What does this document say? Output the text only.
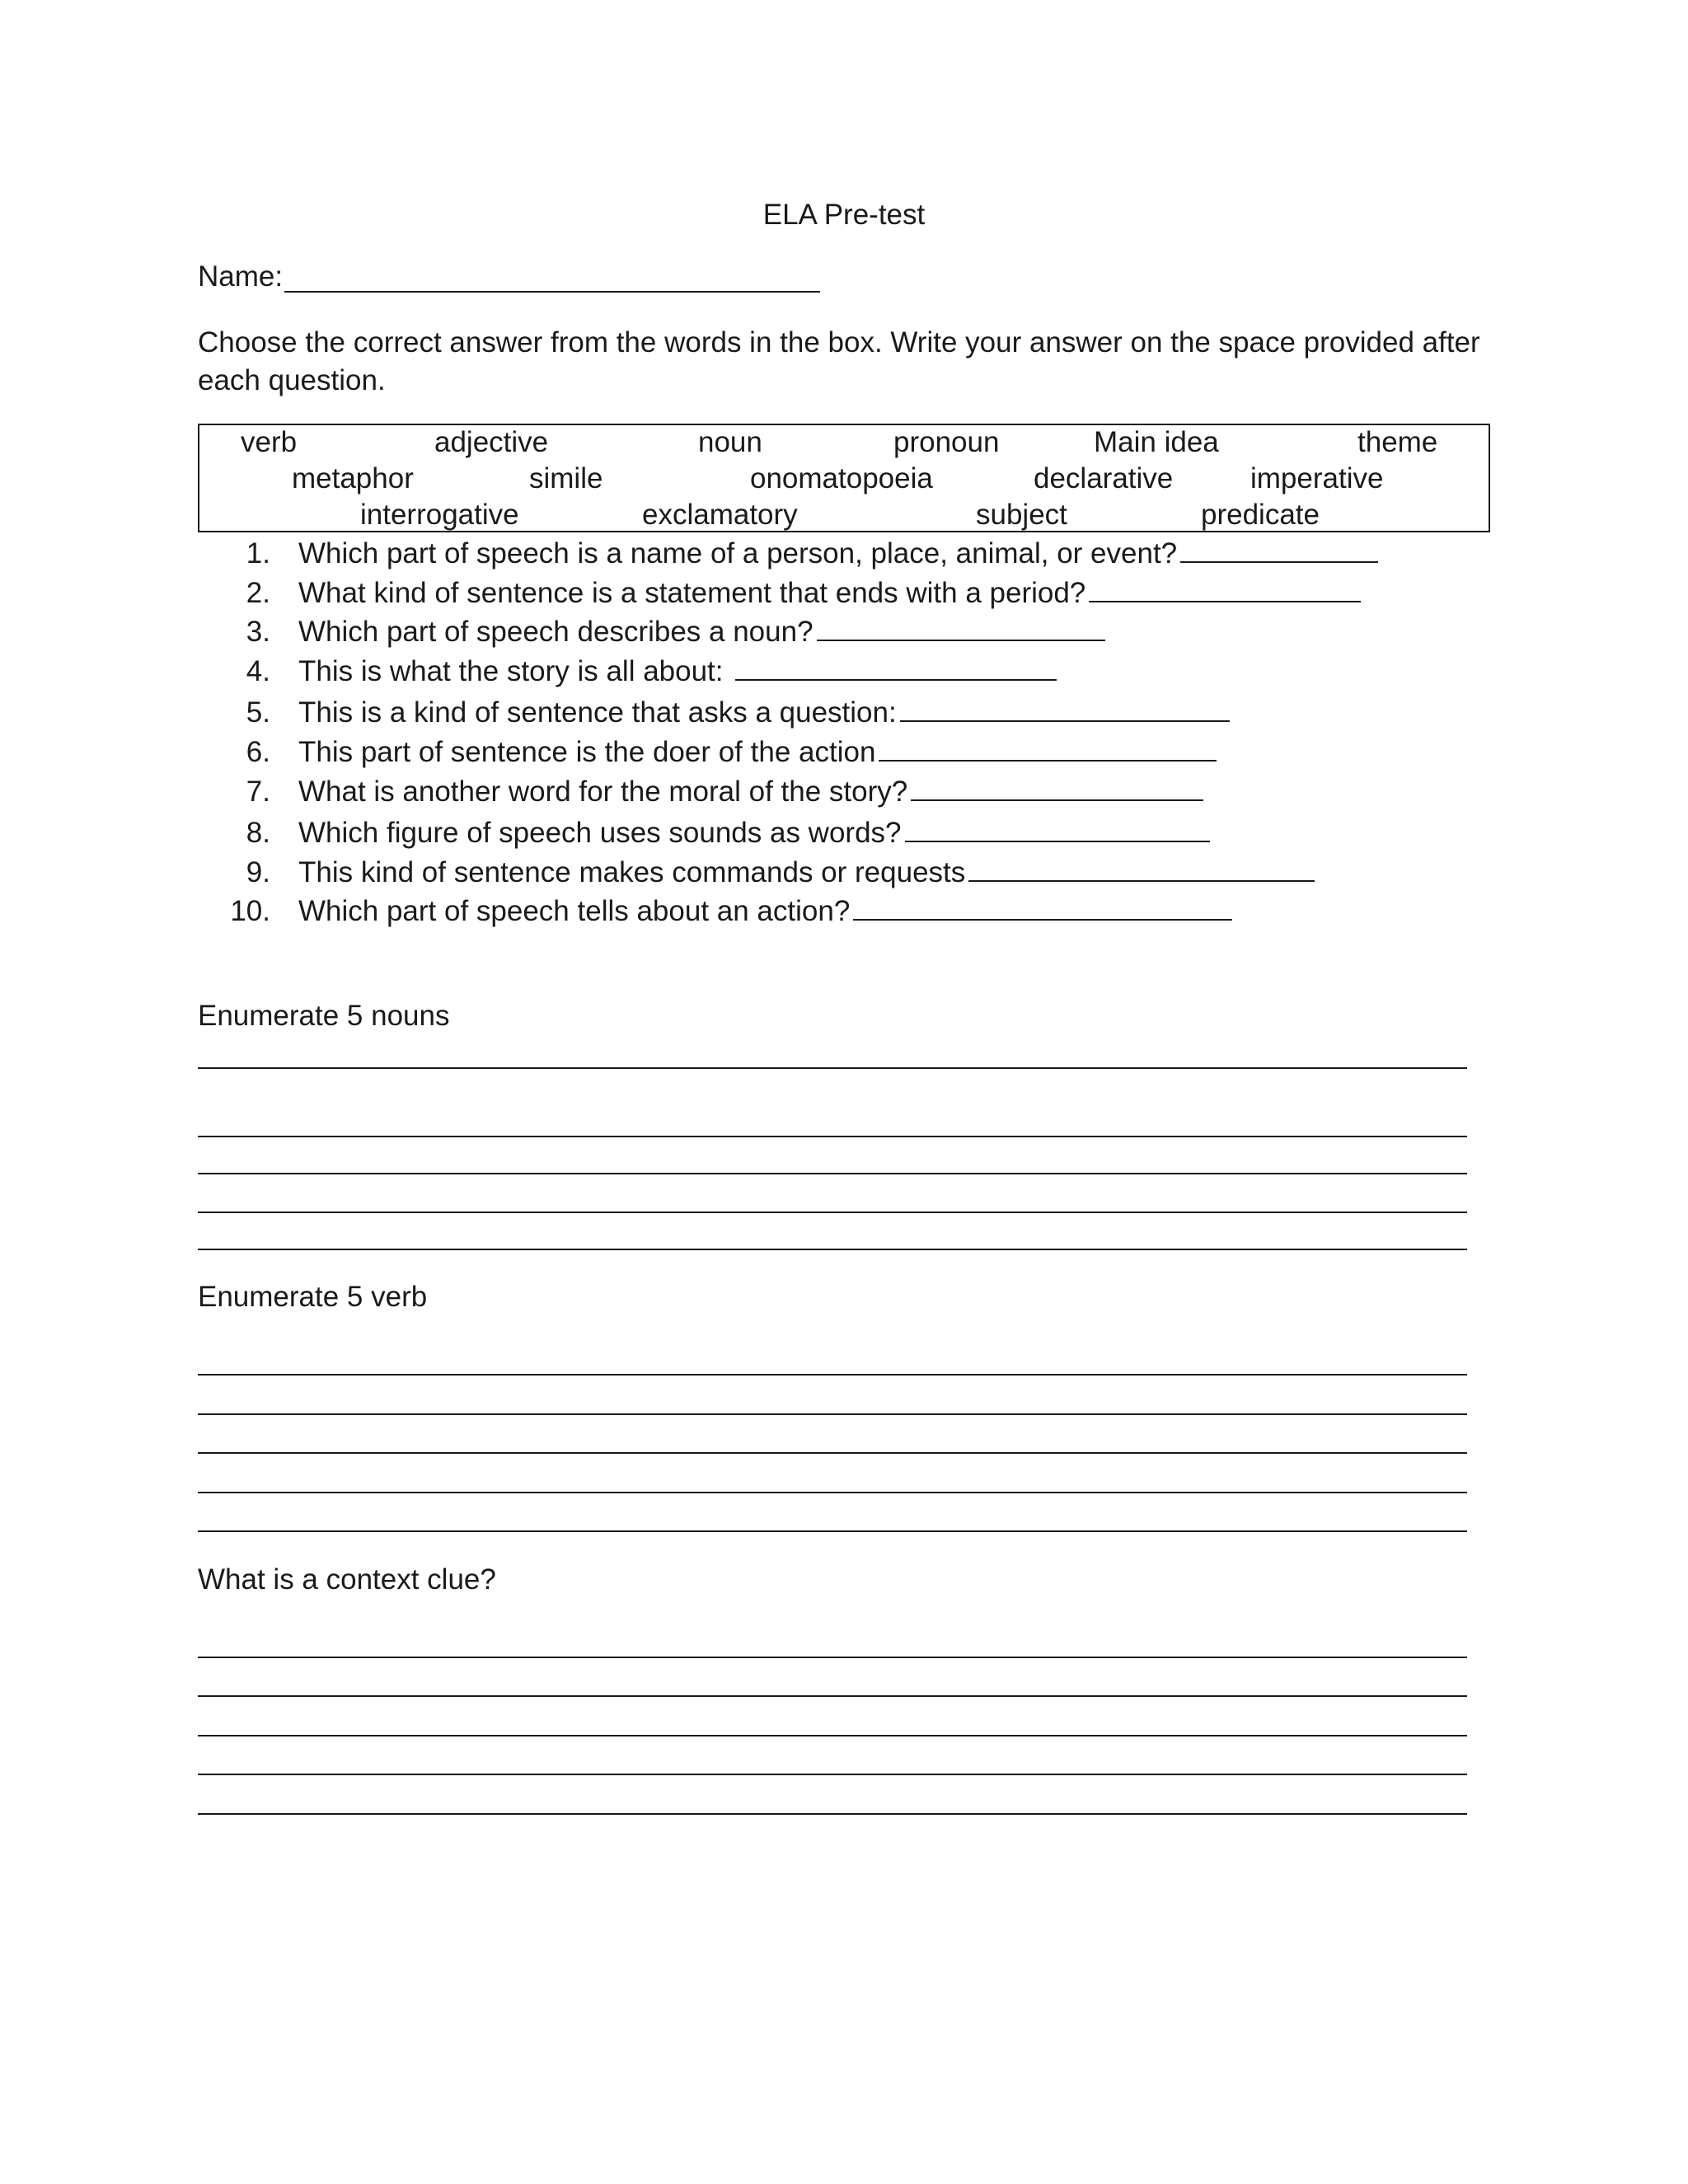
ELA Pre-test
Name:
Choose the correct answer from the words in the box. Write your answer on the space provided after each question.
verb	adjective	noun	pronoun	Main idea	theme
metaphor	simile	onomatopoeia	declarative	imperative
interrogative	exclamatory	subject	predicate
1. Which part of speech is a name of a person, place, animal, or event?
2. What kind of sentence is a statement that ends with a period?
3. Which part of speech describes a noun?
4. This is what the story is all about:
5. This is a kind of sentence that asks a question:
6. This part of sentence is the doer of the action
7. What is another word for the moral of the story?
8. Which figure of speech uses sounds as words?
9. This kind of sentence makes commands or requests
10. Which part of speech tells about an action?
Enumerate 5 nouns
Enumerate 5 verb
What is a context clue?
